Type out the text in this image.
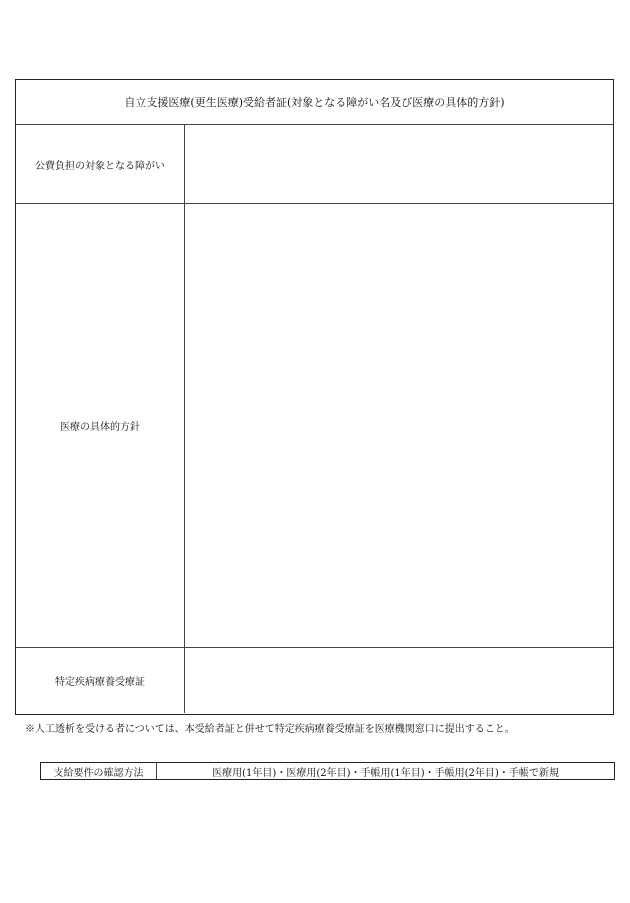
自立支援医療(更生医療)受給者証(対象となる障がい名及び医療の具体的方針)
公費負担の対象となる障がい
医療の具体的方針
特定疾病療養受療証
※人工透析を受ける者については、本受給者証と併せて特定疾病療養受療証を医療機関窓口に提出すること。
支給要件の確認方法	医療用(1年目)・医療用(2年目)・手帳用(1年目)・手帳用(2年目)・手帳で新規
